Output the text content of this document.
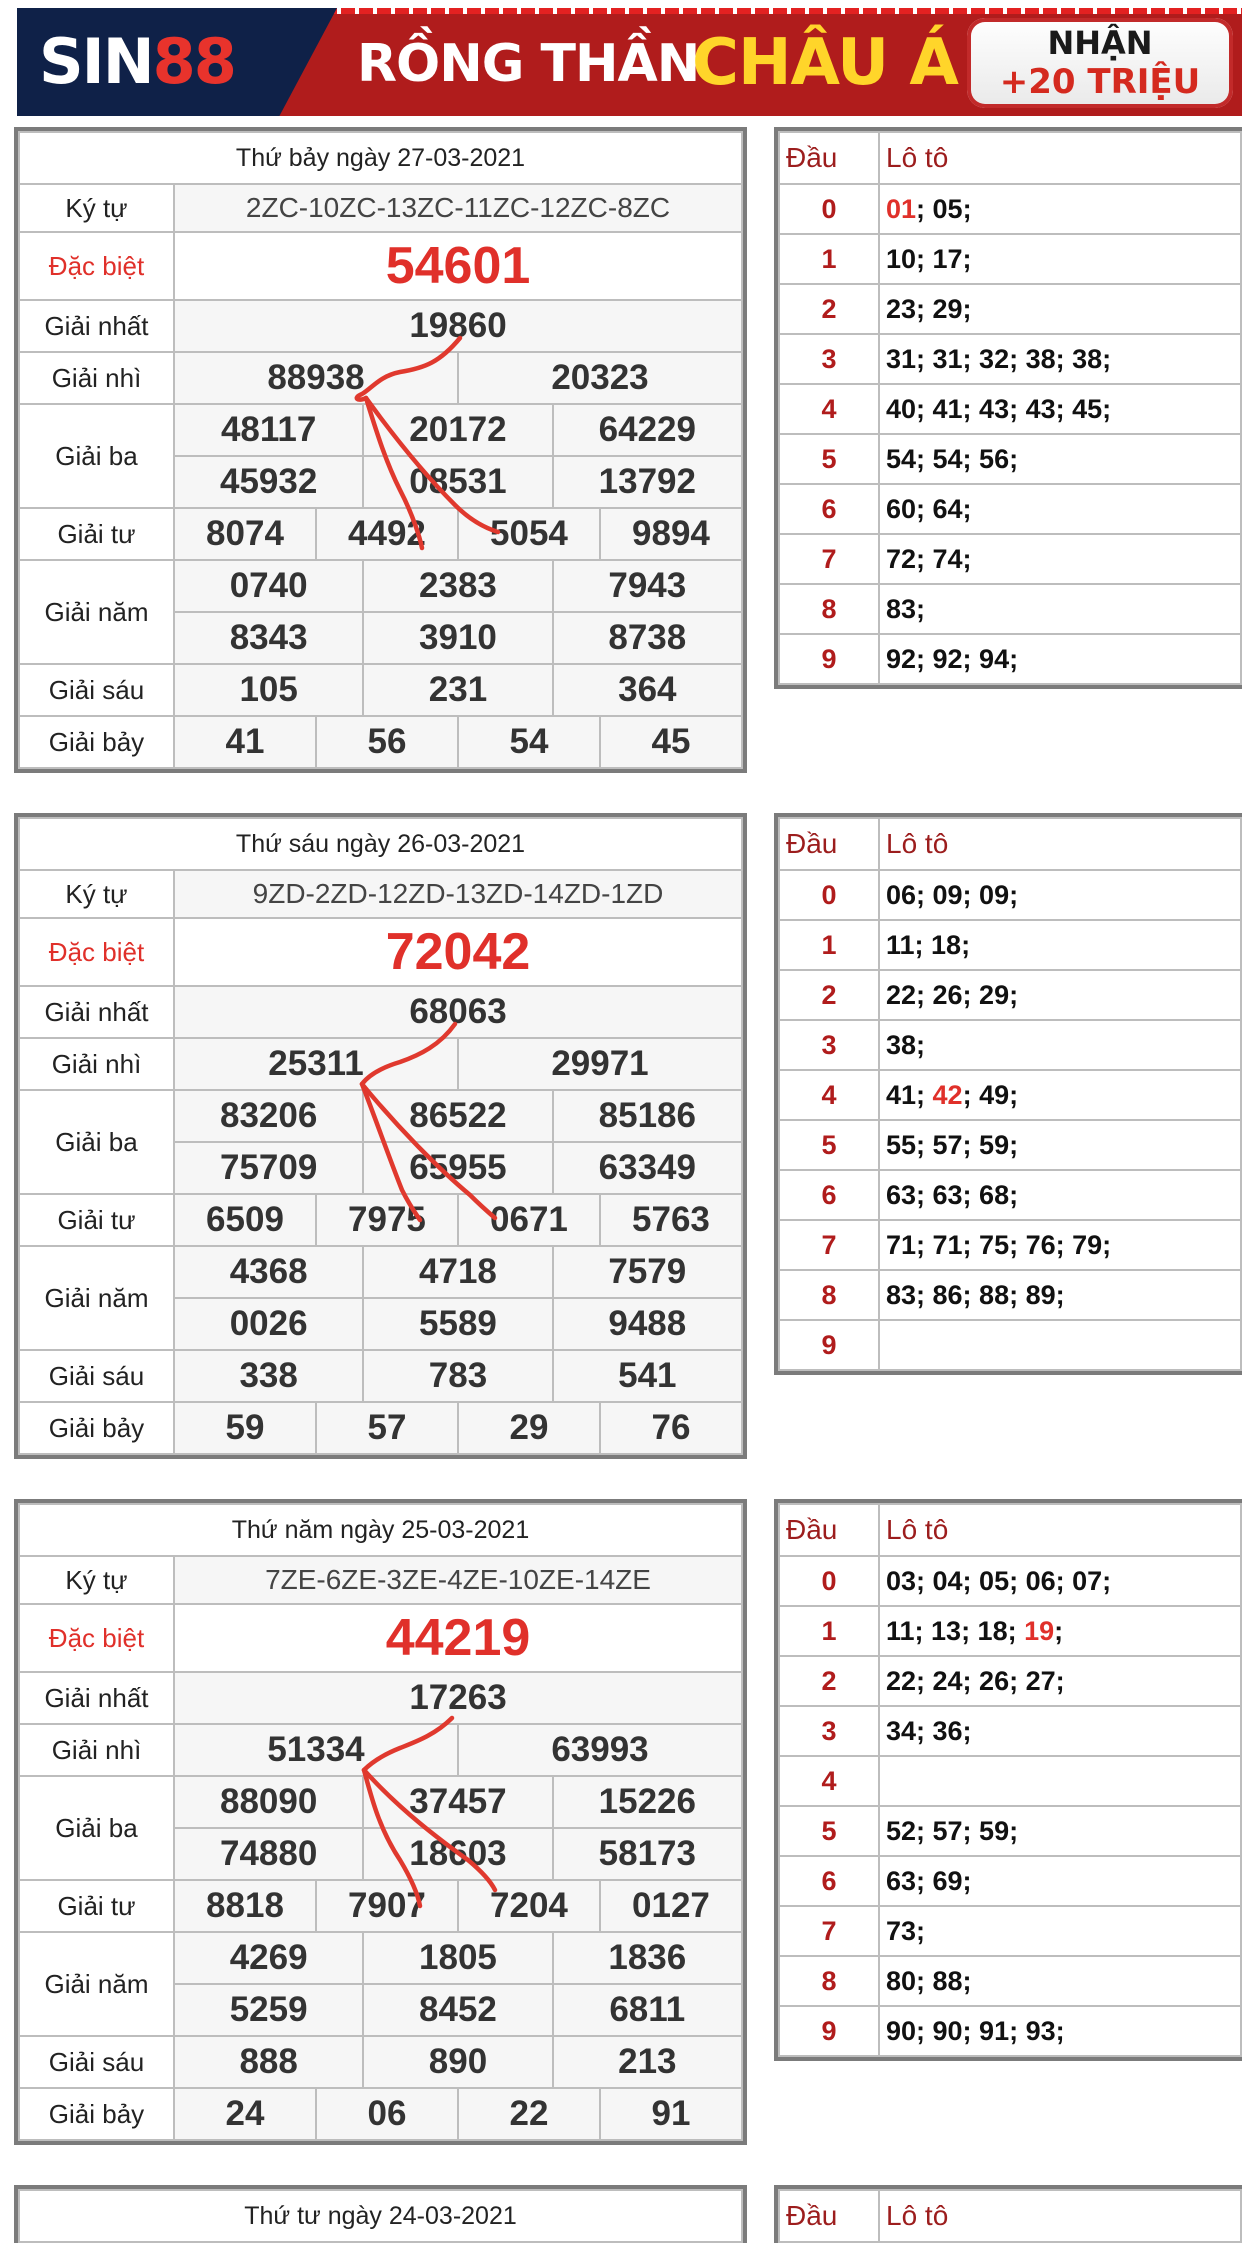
SIN88 RỒNG THẦN
CHÂU Á	NHẬN
+20 TRIỆU
Thứ bảy ngày 27-03-2021						
Ký tự	2ZC-10ZC-13ZC-11ZC-12ZC-8ZC					
Đặc biệt	54601					
Giải nhất	19860					
Giải nhì	88938			20323		
Giải ba	48117		20172		64229	
	45932		08531		13792	
Giải tư	8074	4492		5054		9894
Giải năm	0740		2383		7943	
	8343		3910		8738	
Giải sáu	105		231		364	
Giải bảy	41	56		54		45
Thứ sáu ngày 26-03-2021						
Ký tự	9ZD-2ZD-12ZD-13ZD-14ZD-1ZD					
Đặc biệt	72042					
Giải nhất	68063					
Giải nhì	25311			29971		
Giải ba	83206		86522		85186	
	75709		65955		63349	
Giải tư	6509	7975		0671		5763
Giải năm	4368		4718		7579	
	0026		5589		9488	
Giải sáu	338		783		541	
Giải bảy	59	57		29		76
Thứ năm ngày 25-03-2021						
Ký tự	7ZE-6ZE-3ZE-4ZE-10ZE-14ZE					
Đặc biệt	44219					
Giải nhất	17263					
Giải nhì	51334			63993		
Giải ba	88090		37457		15226	
	74880		18603		58173	
Giải tư	8818	7907		7204		0127
Giải năm	4269		1805		1836	
	5259		8452		6811	
Giải sáu	888		890		213	
Giải bảy	24	06		22		91
Thứ tư ngày 24-03-2021
Đầu	Lô tô
0	01; 05;
1	10; 17;
2	23; 29;
3	31; 31; 32; 38; 38;
4	40; 41; 43; 43; 45;
5	54; 54; 56;
6	60; 64;
7	72; 74;
8	83;
9	92; 92; 94;
Đầu	Lô tô
0	06; 09; 09;
1	11; 18;
2	22; 26; 29;
3	38;
4	41; 42; 49;
5	55; 57; 59;
6	63; 63; 68;
7	71; 71; 75; 76; 79;
8	83; 86; 88; 89;
9	
Đầu	Lô tô
0	03; 04; 05; 06; 07;
1	11; 13; 18; 19;
2	22; 24; 26; 27;
3	34; 36;
4	
5	52; 57; 59;
6	63; 69;
7	73;
8	80; 88;
9	90; 90; 91; 93;
Đầu	Lô tô
